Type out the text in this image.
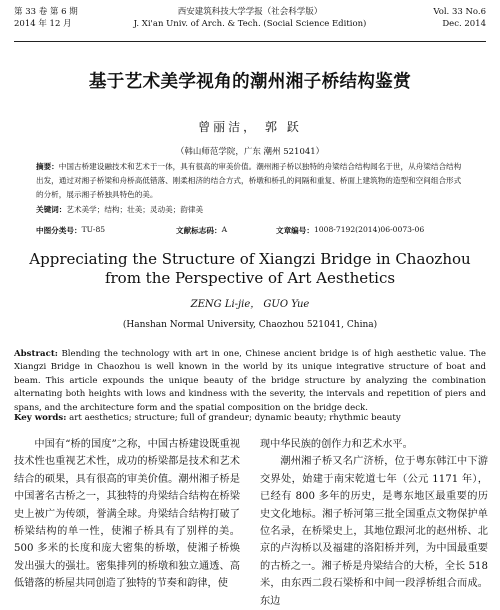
第 33 卷 第 6 期
2014 年 12 月
西安建筑科技大学学报（社会科学版）
J. Xi'an Univ. of Arch. & Tech. (Social Science Edition)
Vol. 33 No.6
Dec. 2014
基于艺术美学视角的潮州湘子桥结构鉴赏
曾丽洁， 郭 跃
（韩山师范学院，广东 潮州 521041）
摘要：中国古桥建设融技术和艺术于一体，具有很高的审美价值。潮州湘子桥以独特的舟梁结合结构闻名于世，从舟梁结合结构出发，通过对湘子桥梁和舟桥高低错落、刚柔相济的结合方式，桥墩和桥孔的间隔和重复、桥面上建筑物的造型和空间组合形式的分析，展示湘子桥独具特色的美。
关键词：艺术美学；结构；壮美；灵动美；韵律美
中图分类号： TU-85	文献标志码： A	文章编号： 1008-7192(2014)06-0073-06
Appreciating the Structure of Xiangzi Bridge in Chaozhou
from the Perspective of Art Aesthetics
ZENG Li-jie， GUO Yue
(Hanshan Normal University, Chaozhou 521041, China)
Abstract: Blending the technology with art in one, Chinese ancient bridge is of high aesthetic value. The Xiangzi Bridge in Chaozhou is well known in the world by its unique integrative structure of boat and beam. This article expounds the unique beauty of the bridge structure by analyzing the combination alternating both heights with lows and kindness with the severity, the intervals and repetition of piers and spans, and the architecture form and the spatial composition on the bridge deck.
Key words: art aesthetics; structure; full of grandeur; dynamic beauty; rhythmic beauty

中国有“桥的国度”之称，中国古桥建设既重视技术性也重视艺术性，成功的桥梁都是技术和艺术结合的硕果，具有很高的审美价值。潮州湘子桥是中国著名古桥之一，其独特的舟梁结合结构在桥梁史上被广为传颂，誉满全球。舟梁结合结构打破了桥梁结构的单一性，使湘子桥具有了别样的美。500 多米的长度和庞大密集的桥墩，使湘子桥焕发出强大的强壮。密集排列的桥墩和独立通透、高低错落的桥屋共同创造了独特的节奏和韵律，使

现中华民族的创作力和艺术水平。

潮州湘子桥又名广济桥，位于粤东韩江中下游交界处，始建于南宋乾道七年（公元 1171 年），已经有 800 多年的历史，是粤东地区最重要的历史文化地标。湘子桥河第三批全国重点文物保护单位名录，在桥梁史上，其地位跟河北的赵州桥、北京的卢沟桥以及福建的洛阳桥并列，为中国最重要的古桥之一。湘子桥是舟梁结合的大桥，全长 518 米，由东西二段石梁桥和中间一段浮桥组合而成。东边
